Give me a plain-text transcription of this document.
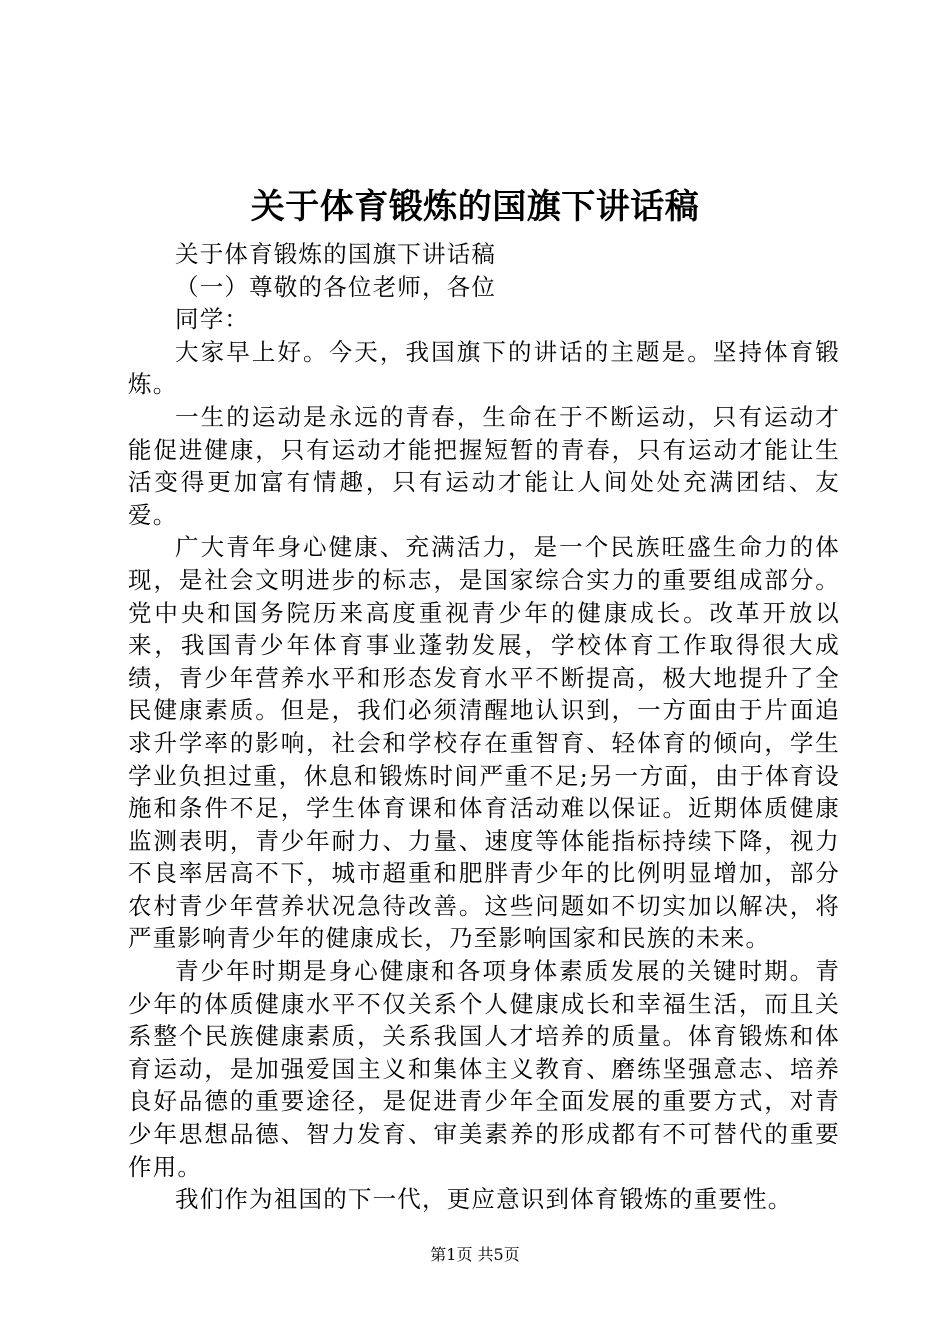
关于体育锻炼的国旗下讲话稿

关于体育锻炼的国旗下讲话稿

（一）尊敬的各位老师，各位

同学：

大家早上好。今天，我国旗下的讲话的主题是。坚持体育锻炼。

一生的运动是永远的青春，生命在于不断运动，只有运动才能促进健康，只有运动才能把握短暂的青春，只有运动才能让生活变得更加富有情趣，只有运动才能让人间处处充满团结、友爱。

广大青年身心健康、充满活力，是一个民族旺盛生命力的体现，是社会文明进步的标志，是国家综合实力的重要组成部分。党中央和国务院历来高度重视青少年的健康成长。改革开放以来，我国青少年体育事业蓬勃发展，学校体育工作取得很大成绩，青少年营养水平和形态发育水平不断提高，极大地提升了全民健康素质。但是，我们必须清醒地认识到，一方面由于片面追求升学率的影响，社会和学校存在重智育、轻体育的倾向，学生学业负担过重，休息和锻炼时间严重不足;另一方面，由于体育设施和条件不足，学生体育课和体育活动难以保证。近期体质健康监测表明，青少年耐力、力量、速度等体能指标持续下降，视力不良率居高不下，城市超重和肥胖青少年的比例明显增加，部分农村青少年营养状况急待改善。这些问题如不切实加以解决，将严重影响青少年的健康成长，乃至影响国家和民族的未来。

青少年时期是身心健康和各项身体素质发展的关键时期。青少年的体质健康水平不仅关系个人健康成长和幸福生活，而且关系整个民族健康素质，关系我国人才培养的质量。体育锻炼和体育运动，是加强爱国主义和集体主义教育、磨练坚强意志、培养良好品德的重要途径，是促进青少年全面发展的重要方式，对青少年思想品德、智力发育、审美素养的形成都有不可替代的重要作用。

我们作为祖国的下一代，更应意识到体育锻炼的重要性。

第1页 共5页
